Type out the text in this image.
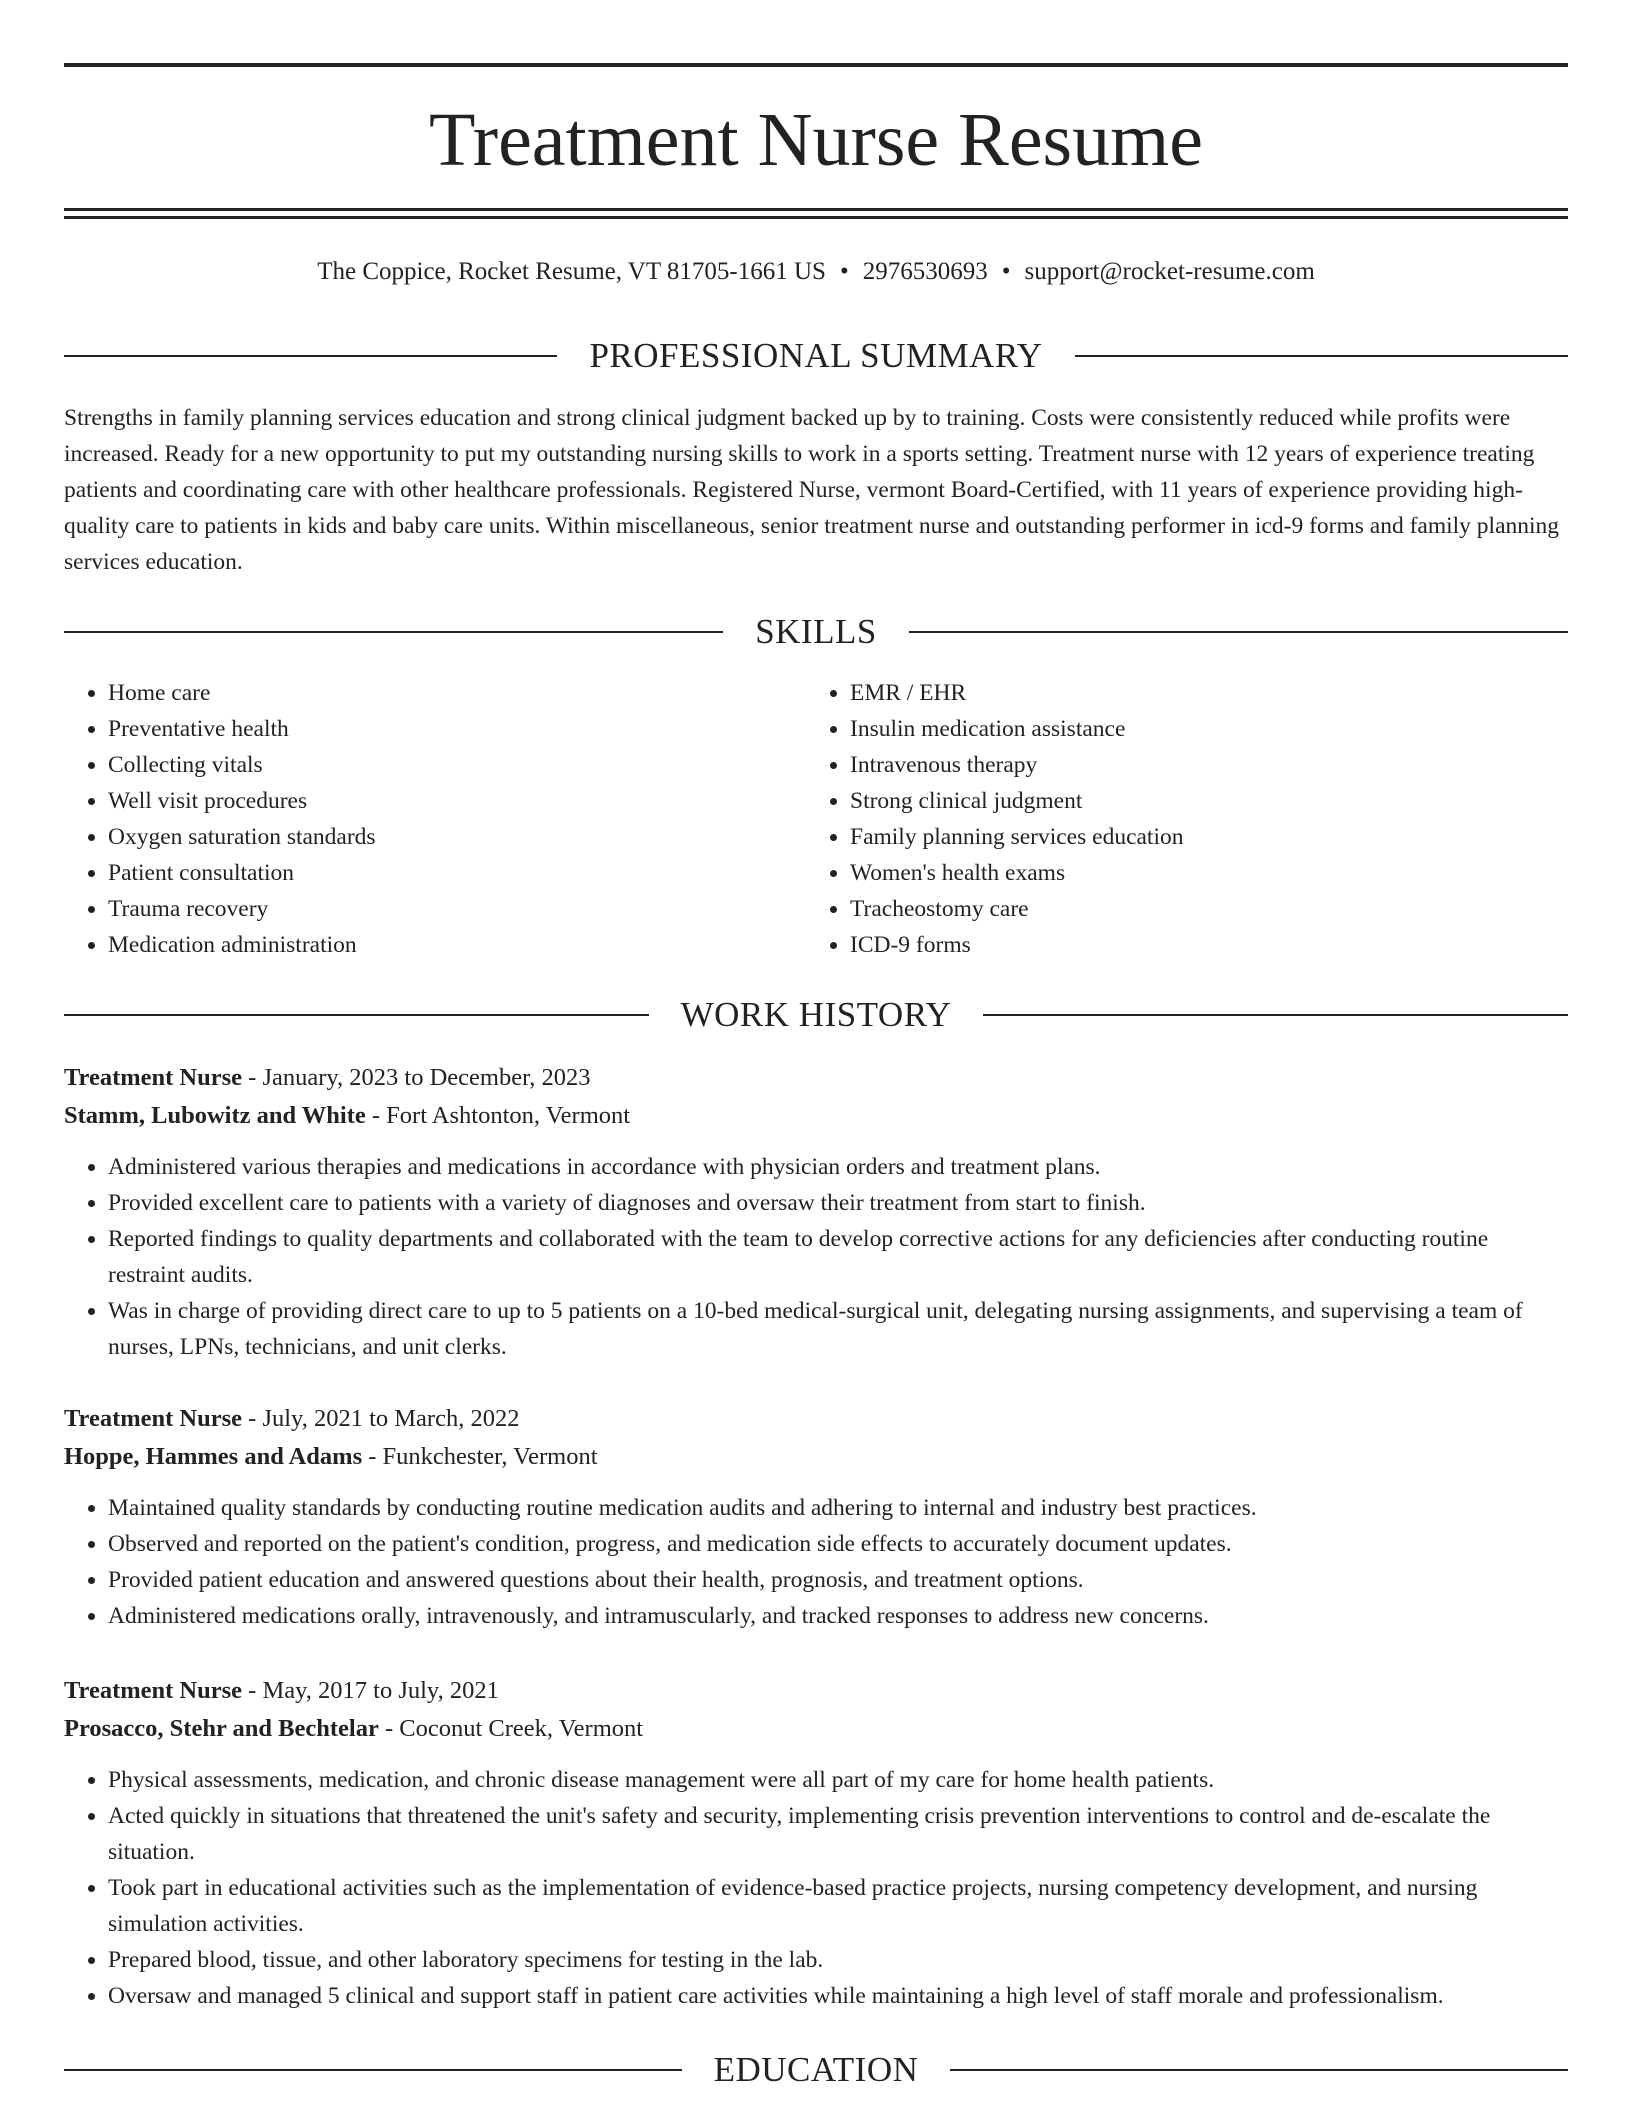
Treatment Nurse Resume
The Coppice, Rocket Resume, VT 81705-1661 US • 2976530693 • support@rocket-resume.com
PROFESSIONAL SUMMARY

Strengths in family planning services education and strong clinical judgment backed up by to training. Costs were consistently reduced while profits were increased. Ready for a new opportunity to put my outstanding nursing skills to work in a sports setting. Treatment nurse with 12 years of experience treating patients and coordinating care with other healthcare professionals. Registered Nurse, vermont Board-Certified, with 11 years of experience providing high-quality care to patients in kids and baby care units. Within miscellaneous, senior treatment nurse and outstanding performer in icd-9 forms and family planning services education.

SKILLS
• Home care
• Preventative health
• Collecting vitals
• Well visit procedures
• Oxygen saturation standards
• Patient consultation
• Trauma recovery
• Medication administration
• EMR / EHR
• Insulin medication assistance
• Intravenous therapy
• Strong clinical judgment
• Family planning services education
• Women's health exams
• Tracheostomy care
• ICD-9 forms
WORK HISTORY
Treatment Nurse - January, 2023 to December, 2023
Stamm, Lubowitz and White - Fort Ashtonton, Vermont
• Administered various therapies and medications in accordance with physician orders and treatment plans.
• Provided excellent care to patients with a variety of diagnoses and oversaw their treatment from start to finish.
• Reported findings to quality departments and collaborated with the team to develop corrective actions for any deficiencies after conducting routine restraint audits.
• Was in charge of providing direct care to up to 5 patients on a 10-bed medical-surgical unit, delegating nursing assignments, and supervising a team of nurses, LPNs, technicians, and unit clerks.
Treatment Nurse - July, 2021 to March, 2022
Hoppe, Hammes and Adams - Funkchester, Vermont
• Maintained quality standards by conducting routine medication audits and adhering to internal and industry best practices.
• Observed and reported on the patient's condition, progress, and medication side effects to accurately document updates.
• Provided patient education and answered questions about their health, prognosis, and treatment options.
• Administered medications orally, intravenously, and intramuscularly, and tracked responses to address new concerns.
Treatment Nurse - May, 2017 to July, 2021
Prosacco, Stehr and Bechtelar - Coconut Creek, Vermont
• Physical assessments, medication, and chronic disease management were all part of my care for home health patients.
• Acted quickly in situations that threatened the unit's safety and security, implementing crisis prevention interventions to control and de-escalate the situation.
• Took part in educational activities such as the implementation of evidence-based practice projects, nursing competency development, and nursing simulation activities.
• Prepared blood, tissue, and other laboratory specimens for testing in the lab.
• Oversaw and managed 5 clinical and support staff in patient care activities while maintaining a high level of staff morale and professionalism.
EDUCATION
